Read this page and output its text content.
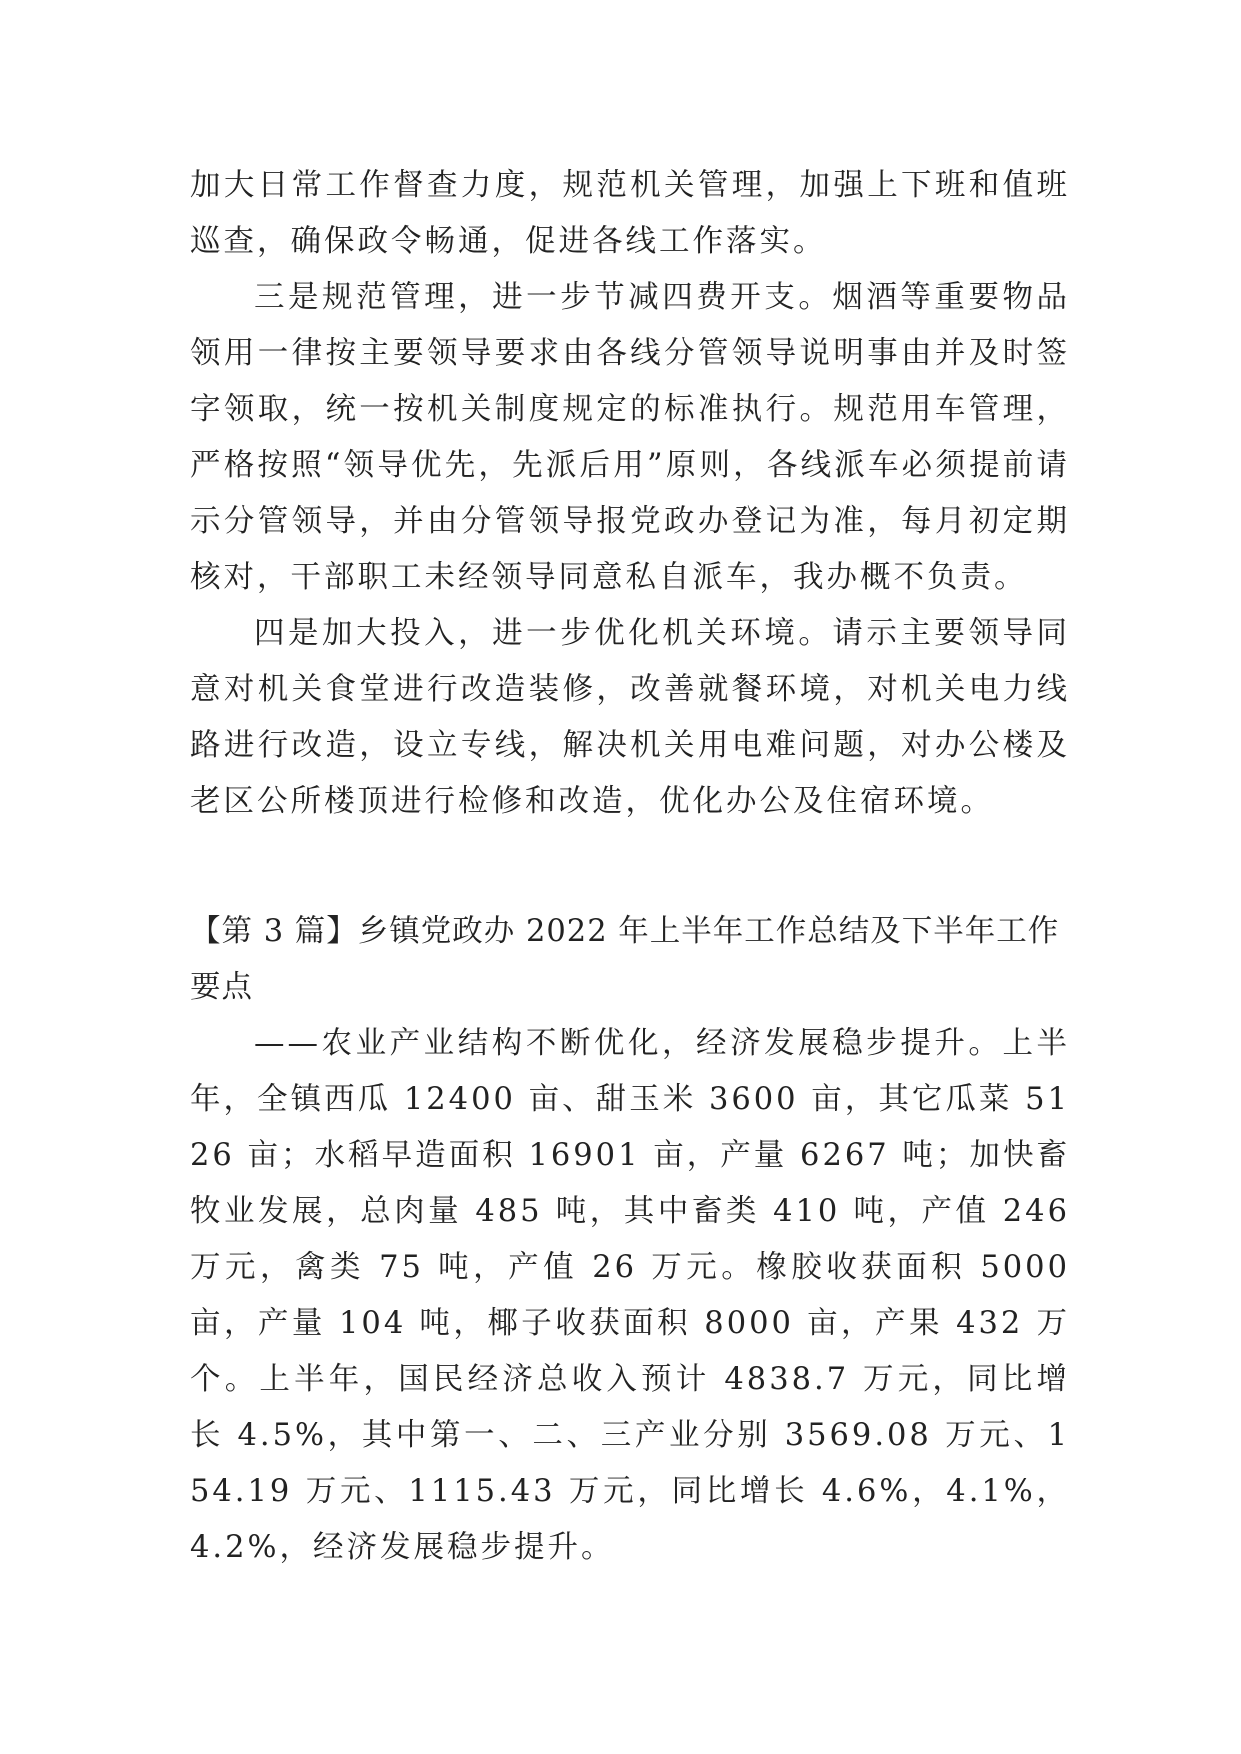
加大日常工作督查力度，规范机关管理，加强上下班和值班巡查，确保政令畅通，促进各线工作落实。

三是规范管理，进一步节减四费开支。烟酒等重要物品领用一律按主要领导要求由各线分管领导说明事由并及时签字领取，统一按机关制度规定的标准执行。规范用车管理，严格按照“领导优先，先派后用”原则，各线派车必须提前请示分管领导，并由分管领导报党政办登记为准，每月初定期核对，干部职工未经领导同意私自派车，我办概不负责。

四是加大投入，进一步优化机关环境。请示主要领导同意对机关食堂进行改造装修，改善就餐环境，对机关电力线路进行改造，设立专线，解决机关用电难问题，对办公楼及老区公所楼顶进行检修和改造，优化办公及住宿环境。

【第 3 篇】乡镇党政办 2022 年上半年工作总结及下半年工作要点

——农业产业结构不断优化，经济发展稳步提升。上半年，全镇西瓜 12400 亩、甜玉米 3600 亩，其它瓜菜 5126 亩；水稻早造面积 16901 亩，产量 6267 吨；加快畜牧业发展，总肉量 485 吨，其中畜类 410 吨，产值 246 万元，禽类 75 吨，产值 26 万元。橡胶收获面积 5000 亩，产量 104 吨，椰子收获面积 8000 亩，产果 432 万个。上半年，国民经济总收入预计 4838.7 万元，同比增长 4.5%，其中第一、二、三产业分别 3569.08 万元、154.19 万元、1115.43 万元，同比增长 4.6%，4.1%，4.2%，经济发展稳步提升。
